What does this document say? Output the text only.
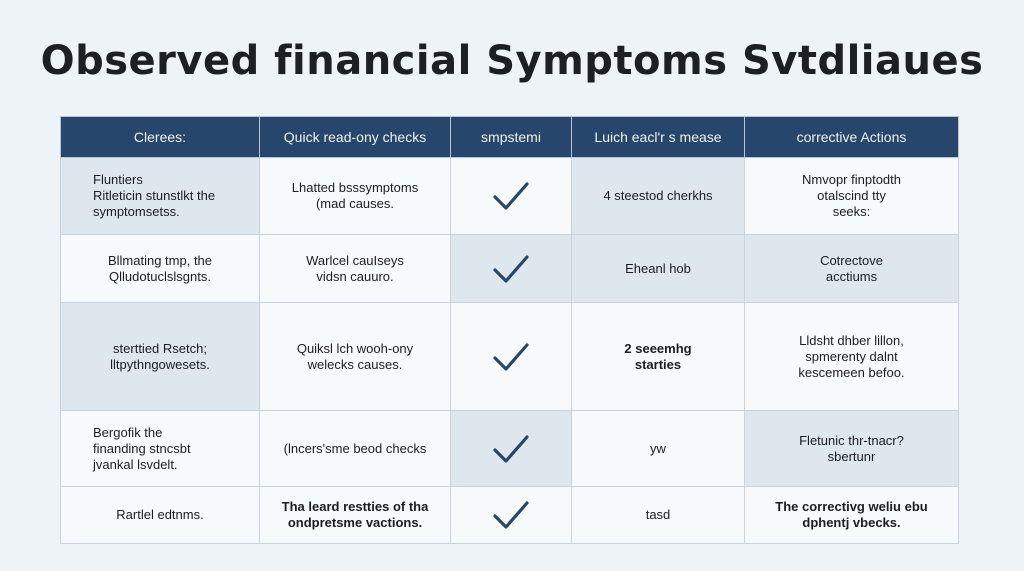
Observed financial Symptoms Svtdliaues
Clerees:	Quick read-ony checks	smpstemi	Luich eacl'r s mease	corrective Actions
Fluntiers
Ritleticin stunstlkt the
symptomsetss.	Lhatted bsssymptoms
(mad causes.		4 steestod cherkhs	Nmvopr finptodth
otalscind tty
seeks:
Bllmating tmp, the
Qlludotuclslsgnts.	Warlcel cauIseys
vidsn cauuro.		Eheanl hob	Cotrectove
acctiums
sterttied Rsetch;
lltpythngowesets.	Quiksl lch wooh-ony
welecks causes.		2 seeemhg
starties	Lldsht dhber lillon,
spmerenty dalnt
kescemeen befoo.
Bergofik the
finanding stncsbt
jvankal lsvdelt.	(lncers'sme beod checks		yw	Fletunic thr-tnacr?
sbertunr
Rartlel edtnms.	Tha leard restties of tha
ondpretsme vactions.		tasd	The correctivg weliu ebu
dphentj vbecks.
